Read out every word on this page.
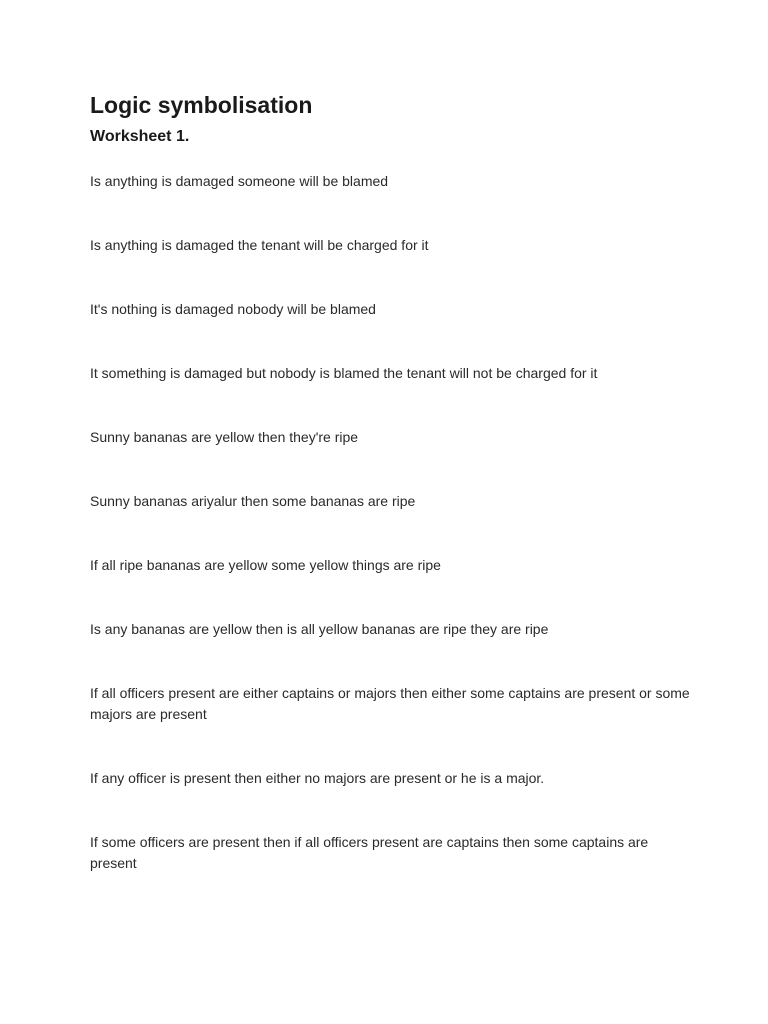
Logic symbolisation
Worksheet 1.
Is anything is damaged someone will be blamed
Is anything is damaged the tenant will be charged for it
It's nothing is damaged nobody will be blamed
It something is damaged but nobody is blamed the tenant will not be charged for it
Sunny bananas are yellow then they're ripe
Sunny bananas ariyalur then some bananas are ripe
If all ripe bananas are yellow some yellow things are ripe
Is any bananas are yellow then is all yellow bananas are ripe they are ripe
If all officers present are either captains or majors then either some captains are present or some majors are present
If any officer is present then either no majors are present or he is a major.
If some officers are present then if all officers present are captains then some captains are present
